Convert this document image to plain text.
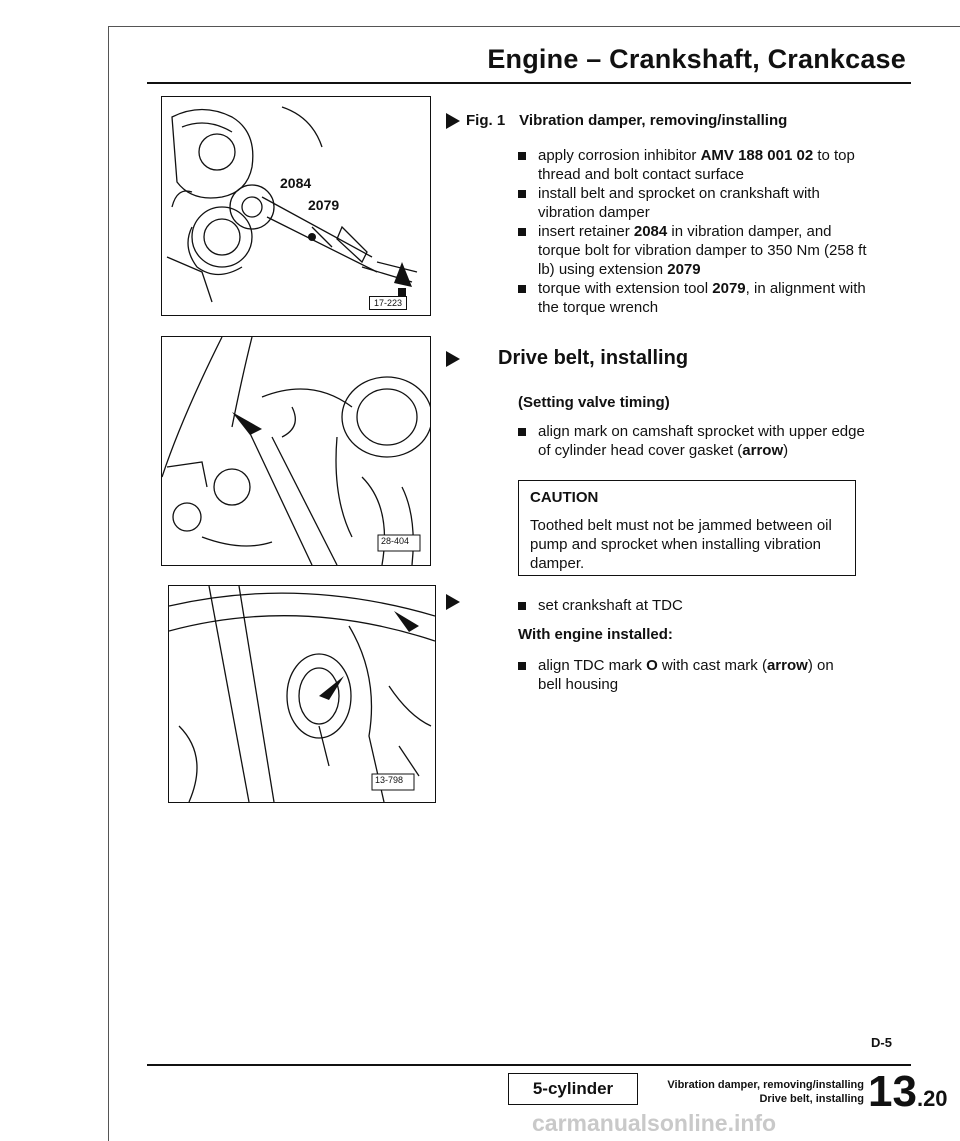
Engine – Crankshaft, Crankcase
2084
2079
17-223
28-404
13-798
Fig. 1 Vibration damper, removing/installing
apply corrosion inhibitor AMV 188 001 02 to top thread and bolt contact surface
install belt and sprocket on crankshaft with vibration damper
insert retainer 2084 in vibration damper, and torque bolt for vibration damper to 350 Nm (258 ft lb) using extension 2079
torque with extension tool 2079, in alignment with the torque wrench
Drive belt, installing
(Setting valve timing)
align mark on camshaft sprocket with upper edge of cylinder head cover gasket (arrow)
CAUTION
Toothed belt must not be jammed between oil pump and sprocket when installing vibration damper.
set crankshaft at TDC
With engine installed:
align TDC mark O with cast mark (arrow) on bell housing
D-5
5-cylinder	Vibration damper, removing/installing
Drive belt, installing 13.20
carmanualsonline.info
